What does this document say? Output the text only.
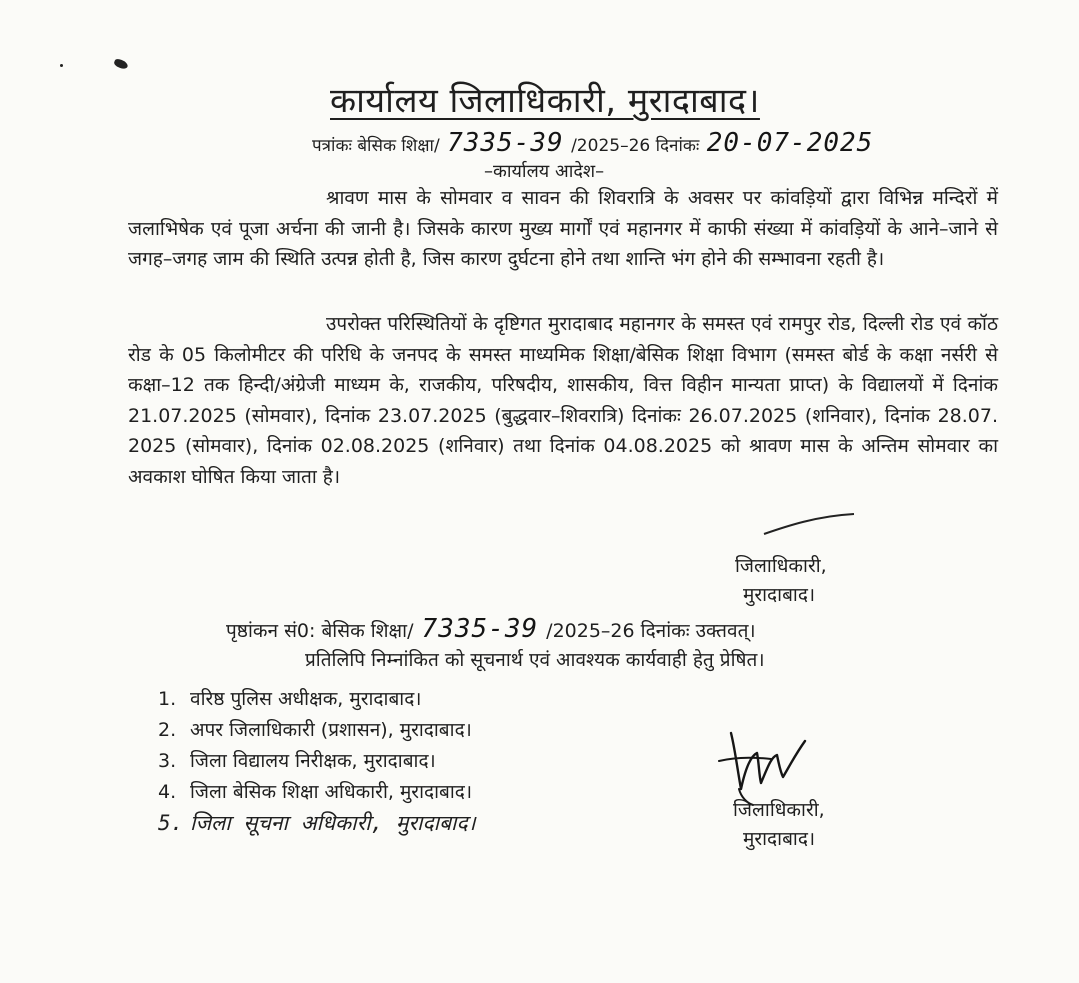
कार्यालय जिलाधिकारी, मुरादाबाद।
पत्रांकः बेसिक शिक्षा/ 7335-39 /2025–26 दिनांकः 20-07-2025
–कार्यालय आदेश–
श्रावण मास के सोमवार व सावन की शिवरात्रि के अवसर पर कांवड़ियों द्वारा विभिन्न मन्दिरों में जलाभिषेक एवं पूजा अर्चना की जानी है। जिसके कारण मुख्य मार्गों एवं महानगर में काफी संख्या में कांवड़ियों के आने–जाने से जगह–जगह जाम की स्थिति उत्पन्न होती है, जिस कारण दुर्घटना होने तथा शान्ति भंग होने की सम्भावना रहती है।
उपरोक्त परिस्थितियों के दृष्टिगत मुरादाबाद महानगर के समस्त एवं रामपुर रोड, दिल्ली रोड एवं कॉठ रोड के 05 किलोमीटर की परिधि के जनपद के समस्त माध्यमिक शिक्षा/बेसिक शिक्षा विभाग (समस्त बोर्ड के कक्षा नर्सरी से कक्षा–12 तक हिन्दी/अंग्रेजी माध्यम के, राजकीय, परिषदीय, शासकीय, वित्त विहीन मान्यता प्राप्त) के विद्यालयों में दिनांक 21.07.2025 (सोमवार), दिनांक 23.07.2025 (बुद्धवार–शिवरात्रि) दिनांकः 26.07.2025 (शनिवार), दिनांक 28.07. 2025 (सोमवार), दिनांक 02.08.2025 (शनिवार) तथा दिनांक 04.08.2025 को श्रावण मास के अन्तिम सोमवार का अवकाश घोषित किया जाता है।
जिलाधिकारी,
मुरादाबाद।
पृष्ठांकन सं0: बेसिक शिक्षा/ 7335-39 /2025–26 दिनांकः उक्तवत्।
प्रतिलिपि निम्नांकित को सूचनार्थ एवं आवश्यक कार्यवाही हेतु प्रेषित।
1. वरिष्ठ पुलिस अधीक्षक, मुरादाबाद।
2. अपर जिलाधिकारी (प्रशासन), मुरादाबाद।
3. जिला विद्यालय निरीक्षक, मुरादाबाद।
4. जिला बेसिक शिक्षा अधिकारी, मुरादाबाद।
5. जिला सूचना अधिकारी, मुरादाबाद।
जिलाधिकारी,
मुरादाबाद।
